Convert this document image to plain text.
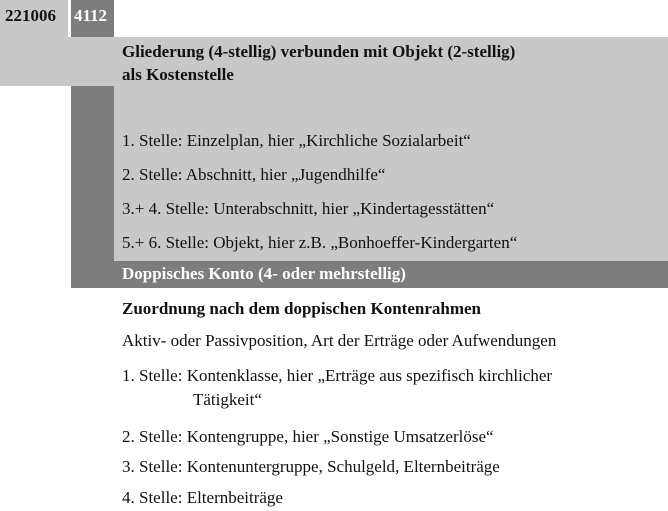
221006 4112
Gliederung (4-stellig) verbunden mit Objekt (2-stellig)
als Kostenstelle
1. Stelle: Einzelplan, hier „Kirchliche Sozialarbeit“
2. Stelle: Abschnitt, hier „Jugendhilfe“
3.+ 4. Stelle: Unterabschnitt, hier „Kindertagesstätten“
5.+ 6. Stelle: Objekt, hier z.B. „Bonhoeffer-Kindergarten“
Doppisches Konto (4- oder mehrstellig)
Zuordnung nach dem doppischen Kontenrahmen
Aktiv- oder Passivposition, Art der Erträge oder Aufwendungen
1. Stelle: Kontenklasse, hier „Erträge aus spezifisch kirchlicher
Tätigkeit“
2. Stelle: Kontengruppe, hier „Sonstige Umsatzerlöse“
3. Stelle: Kontenuntergruppe, Schulgeld, Elternbeiträge
4. Stelle: Elternbeiträge
